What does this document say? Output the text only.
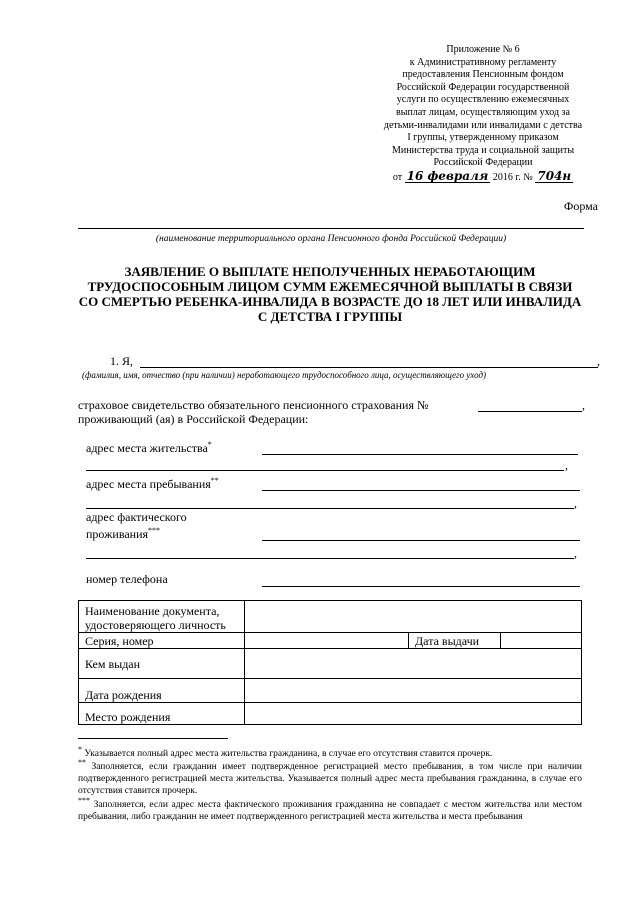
Приложение № 6
к Административному регламенту
предоставления Пенсионным фондом
Российской Федерации государственной
услуги по осуществлению ежемесячных
выплат лицам, осуществляющим уход за
детьми-инвалидами или инвалидами с детства
I группы, утвержденному приказом
Министерства труда и социальной защиты
Российской Федерации
от 16 февраля 2016 г. № 704н
Форма
(наименование территориального органа Пенсионного фонда Российской Федерации)
ЗАЯВЛЕНИЕ О ВЫПЛАТЕ НЕПОЛУЧЕННЫХ НЕРАБОТАЮЩИМ
ТРУДОСПОСОБНЫМ ЛИЦОМ СУММ ЕЖЕМЕСЯЧНОЙ ВЫПЛАТЫ В СВЯЗИ
СО СМЕРТЬЮ РЕБЕНКА-ИНВАЛИДА В ВОЗРАСТЕ ДО 18 ЛЕТ ИЛИ ИНВАЛИДА
С ДЕТСТВА I ГРУППЫ
1. Я,	,
(фамилия, имя, отчество (при наличии) неработающего трудоспособного лица, осуществляющего уход)
страховое свидетельство обязательного пенсионного страхования №	,
проживающий (ая) в Российской Федерации:
адрес места жительства*
,
адрес места пребывания**
,
адрес фактического
проживания***
,
номер телефона
Наименование документа,
удостоверяющего личность			

Серия, номер		Дата выдачи	
Кем выдан			
Дата рождения			
Место рождения			
* Указывается полный адрес места жительства гражданина, в случае его отсутствия ставится прочерк.
** Заполняется, если гражданин имеет подтвержденное регистрацией место пребывания, в том числе при наличии подтвержденного регистрацией места жительства. Указывается полный адрес места пребывания гражданина, в случае его отсутствия ставится прочерк.
*** Заполняется, если адрес места фактического проживания гражданина не совпадает с местом жительства или местом пребывания, либо гражданин не имеет подтвержденного регистрацией места жительства и места пребывания
